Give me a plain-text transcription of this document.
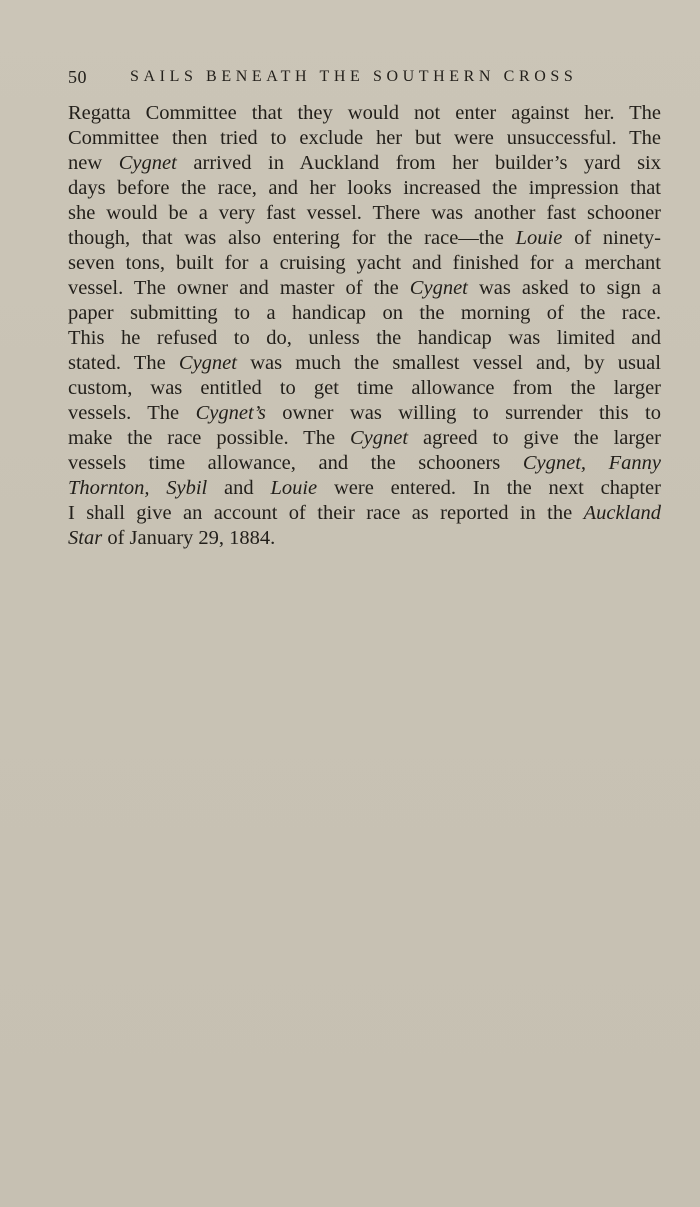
50	SAILS BENEATH THE SOUTHERN CROSS
Regatta Committee that they would not enter against her. The
Committee then tried to exclude her but were unsuccessful. The
new Cygnet arrived in Auckland from her builder’s yard six
days before the race, and her looks increased the impression that
she would be a very fast vessel. There was another fast schooner
though, that was also entering for the race—the Louie of ninety-
seven tons, built for a cruising yacht and finished for a merchant
vessel. The owner and master of the Cygnet was asked to sign a
paper submitting to a handicap on the morning of the race.
This he refused to do, unless the handicap was limited and
stated. The Cygnet was much the smallest vessel and, by usual
custom, was entitled to get time allowance from the larger
vessels. The Cygnet’s owner was willing to surrender this to
make the race possible. The Cygnet agreed to give the larger
vessels time allowance, and the schooners Cygnet, Fanny
Thornton, Sybil and Louie were entered. In the next chapter
I shall give an account of their race as reported in the Auckland
Star of January 29, 1884.
